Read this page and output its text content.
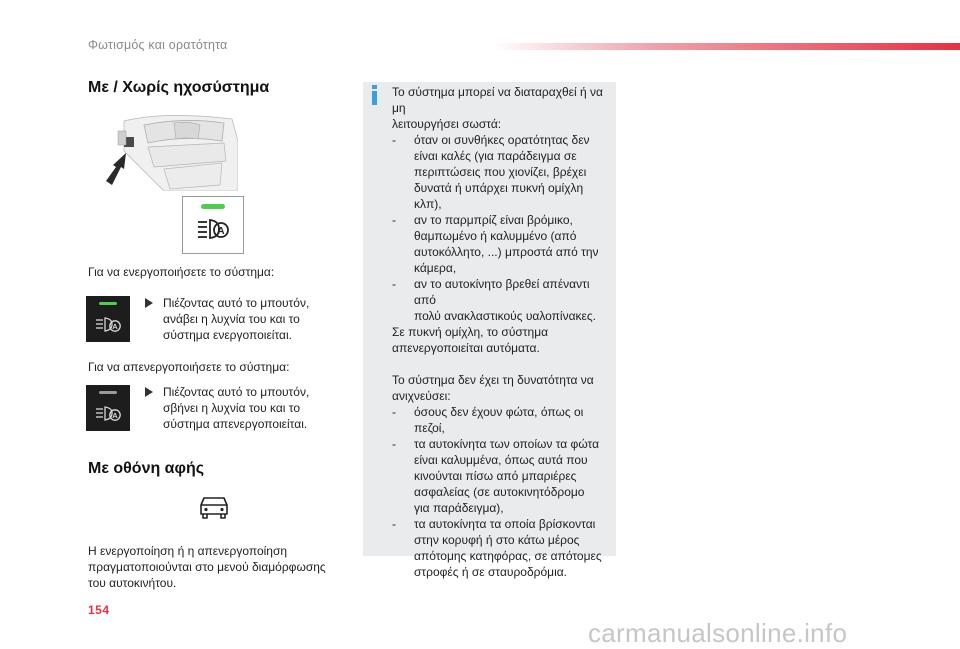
Φωτισμός και ορατότητα
Με / Χωρίς ηχοσύστημα
A
Για να ενεργοποιήσετε το σύστημα:
A
Πιέζοντας αυτό το μπουτόν,
ανάβει η λυχνία του και το
σύστημα ενεργοποιείται.
Για να απενεργοποιήσετε το σύστημα:
A
Πιέζοντας αυτό το μπουτόν,
σβήνει η λυχνία του και το
σύστημα απενεργοποιείται.
Με οθόνη αφής
Η ενεργοποίηση ή η απενεργοποίηση
πραγματοποιούνται στο μενού διαμόρφωσης
του αυτοκινήτου.
Το σύστημα μπορεί να διαταραχθεί ή να μη
λειτουργήσει σωστά:
-	όταν οι συνθήκες ορατότητας δεν
είναι καλές (για παράδειγμα σε
περιπτώσεις που χιονίζει, βρέχει
δυνατά ή υπάρχει πυκνή ομίχλη κλπ),
-	αν το παρμπρίζ είναι βρόμικο,
θαμπωμένο ή καλυμμένο (από
αυτοκόλλητο, ...) μπροστά από την
κάμερα,
-	αν το αυτοκίνητο βρεθεί απέναντι από
πολύ ανακλαστικούς υαλοπίνακες.
Σε πυκνή ομίχλη, το σύστημα
απενεργοποιείται αυτόματα.
Το σύστημα δεν έχει τη δυνατότητα να
ανιχνεύσει:
-	όσους δεν έχουν φώτα, όπως οι
πεζοί,
-	τα αυτοκίνητα των οποίων τα φώτα
είναι καλυμμένα, όπως αυτά που
κινούνται πίσω από μπαριέρες
ασφαλείας (σε αυτοκινητόδρομο
για παράδειγμα),
-	τα αυτοκίνητα τα οποία βρίσκονται
στην κορυφή ή στο κάτω μέρος
απότομης κατηφόρας, σε απότομες
στροφές ή σε σταυροδρόμια.
154
carmanualsonline.info
